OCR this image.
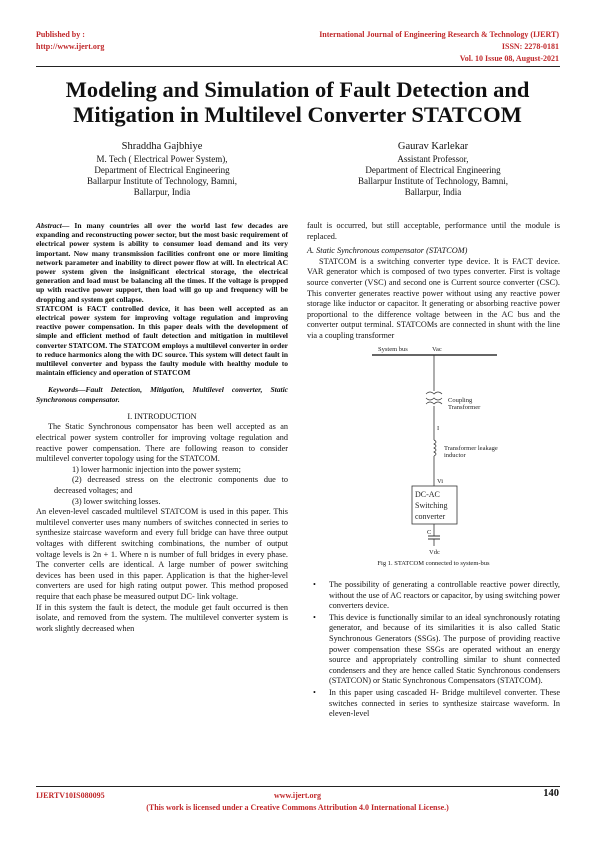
Published by :
http://www.ijert.org
International Journal of Engineering Research & Technology (IJERT)
ISSN: 2278-0181
Vol. 10 Issue 08, August-2021
Modeling and Simulation of Fault Detection and Mitigation in Multilevel Converter STATCOM
Shraddha Gajbhiye
M. Tech ( Electrical Power System),
Department of Electrical Engineering
Ballarpur Institute of Technology, Bamni,
Ballarpur, India
Gaurav Karlekar
Assistant Professor,
Department of Electrical Engineering
Ballarpur Institute of Technology, Bamni,
Ballarpur, India

Abstract— In many countries all over the world last few decades are expanding and reconstructing power sector, but the most basic requirement of electrical power system is ability to consumer load demand and its very important. Now many transmission facilities confront one or more limiting network parameter and inability to direct power flow at will. In electrical AC power system given the insignificant electrical storage, the electrical generation and load must be balancing all the times. If the voltage is propped up with reactive power support, then load will go up and frequency will be dropping and system get collapse.

STATCOM is FACT controlled device, it has been well accepted as an electrical power system for improving voltage regulation and improving reactive power compensation. In this paper deals with the development of simple and efficient method of fault detection and mitigation in multilevel converter STATCOM. The STATCOM employs a multilevel converter in order to reduce harmonics along the with DC source. This system will detect fault in multilevel converter and bypass the faulty module with healthy module to maintain efficiency and operation of STATCOM

Keywords—Fault Detection, Mitigation, Multilevel converter, Static Synchronous compensator.

I. INTRODUCTION

The Static Synchronous compensator has been well accepted as an electrical power system controller for improving voltage regulation and reactive power compensation. There are following reason to consider multilevel converter topology using for the STATCOM.

1) lower harmonic injection into the power system;

(2) decreased stress on the electronic components due to decreased voltages; and

(3) lower switching losses.

An eleven-level cascaded multilevel STATCOM is used in this paper. This multilevel converter uses many numbers of switches connected in series to synthesize staircase waveform and every full bridge can have three output voltages with different switching combinations, the number of output voltage levels is 2n + 1. Where n is number of full bridges in every phase. The converter cells are identical. A large number of power switching devices has been used in this paper. Application is that the higher-level converters are used for high rating output power. This method proposed require that each phase be measured output DC- link voltage.

If in this system the fault is detect, the module get fault occurred is then isolate, and removed from the system. The multilevel converter system is work slightly decreased when

fault is occurred, but still acceptable, performance until the module is replaced.

A. Static Synchronous compensator (STATCOM)

STATCOM is a switching converter type device. It is FACT device. VAR generator which is composed of two types converter. First is voltage source converter (VSC) and second one is Current source converter (CSC). This converter generates reactive power without using any reactive power storage like inductor or capacitor. It generating or absorbing reactive power proportional to the difference voltage between in the AC bus and the converter output terminal. STATCOMs are connected in shunt with the line via a coupling transformer

System bus	Vac
Coupling
Transformer
I
Transformer leakage
inductor
Vi
DC-AC
Switching
converter
C
Vdc
Fig 1. STATCOM connected to system-bus
• The possibility of generating a controllable reactive power directly, without the use of AC reactors or capacitor, by using switching power converters device.
• This device is functionally similar to an ideal synchronously rotating generator, and because of its similarities it is also called Static Synchronous Generators (SSGs). The purpose of providing reactive power compensation these SSGs are operated without an energy source and appropriately controlling similar to shunt connected condensers and they are hence called Static Synchronous condensers (STATCON) or Static Synchronous Compensators (STATCOM).
• In this paper using cascaded H- Bridge multilevel converter. These switches connected in series to synthesize staircase waveform. In eleven-level
IJERTV10IS080095	www.ijert.org	140
(This work is licensed under a Creative Commons Attribution 4.0 International License.)
